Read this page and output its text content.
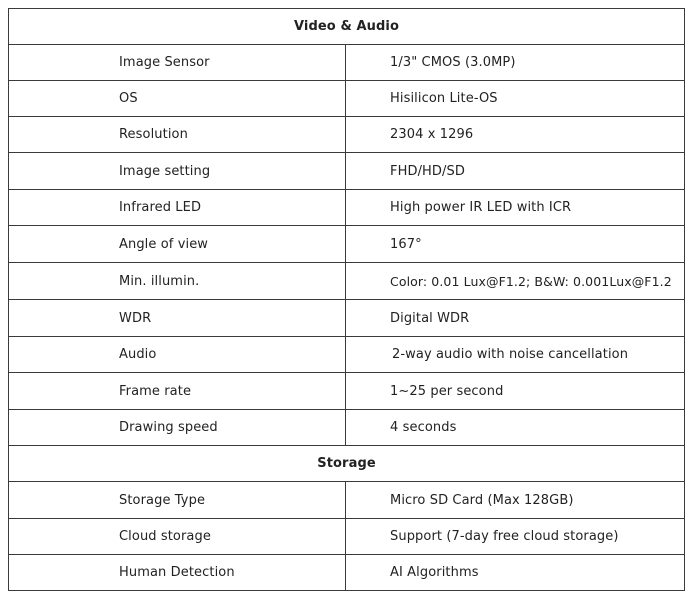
Video & Audio	
Image Sensor	1/3" CMOS (3.0MP)
OS	Hisilicon Lite-OS
Resolution	2304 x 1296
Image setting	FHD/HD/SD
Infrared LED	High power IR LED with ICR
Angle of view	167°
Min. illumin.	Color: 0.01 Lux@F1.2; B&W: 0.001Lux@F1.2
WDR	Digital WDR
Audio	2-way audio with noise cancellation
Frame rate	1~25 per second
Drawing speed	4 seconds
Storage	
Storage Type	Micro SD Card (Max 128GB)
Cloud storage	Support (7-day free cloud storage)
Human Detection	AI Algorithms
